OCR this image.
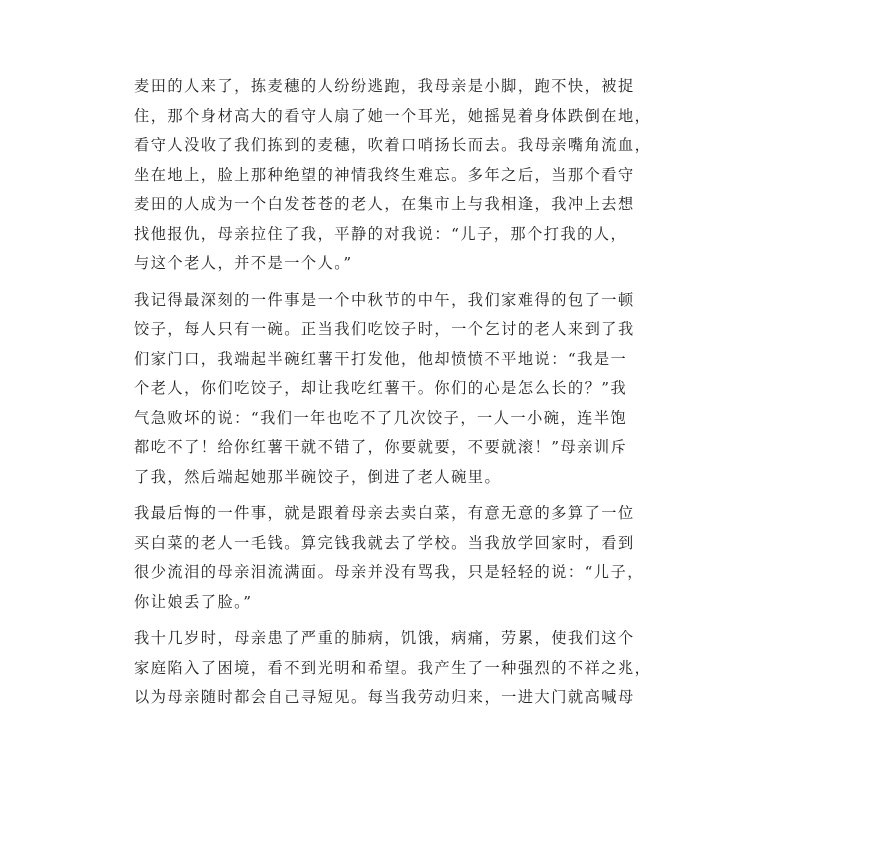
麦田的人来了，拣麦穗的人纷纷逃跑，我母亲是小脚，跑不快，被捉
住，那个身材高大的看守人扇了她一个耳光，她摇晃着身体跌倒在地，
看守人没收了我们拣到的麦穗，吹着口哨扬长而去。我母亲嘴角流血，
坐在地上，脸上那种绝望的神情我终生难忘。多年之后，当那个看守
麦田的人成为一个白发苍苍的老人，在集市上与我相逢，我冲上去想
找他报仇，母亲拉住了我，平静的对我说：“儿子，那个打我的人，
与这个老人，并不是一个人。”

我记得最深刻的一件事是一个中秋节的中午，我们家难得的包了一顿
饺子，每人只有一碗。正当我们吃饺子时，一个乞讨的老人来到了我
们家门口，我端起半碗红薯干打发他，他却愤愤不平地说：“我是一
个老人，你们吃饺子，却让我吃红薯干。你们的心是怎么长的？”我
气急败坏的说：“我们一年也吃不了几次饺子，一人一小碗，连半饱
都吃不了！给你红薯干就不错了，你要就要，不要就滚！”母亲训斥
了我，然后端起她那半碗饺子，倒进了老人碗里。

我最后悔的一件事，就是跟着母亲去卖白菜，有意无意的多算了一位
买白菜的老人一毛钱。算完钱我就去了学校。当我放学回家时，看到
很少流泪的母亲泪流满面。母亲并没有骂我，只是轻轻的说：“儿子，
你让娘丢了脸。”

我十几岁时，母亲患了严重的肺病，饥饿，病痛，劳累，使我们这个
家庭陷入了困境，看不到光明和希望。我产生了一种强烈的不祥之兆，
以为母亲随时都会自己寻短见。每当我劳动归来，一进大门就高喊母
